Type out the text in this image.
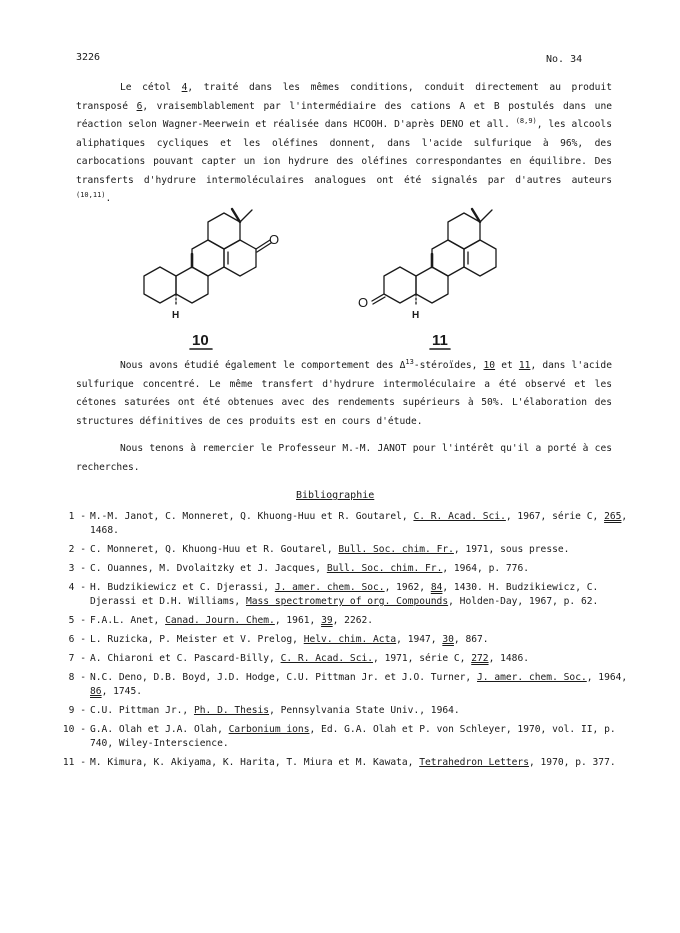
3226	No. 34
Le cétol 4, traité dans les mêmes conditions, conduit directement au produit transposé 6, vraisemblablement par l'intermédiaire des cations A et B postulés dans une réaction selon Wagner-Meerwein et réalisée dans HCOOH. D'après DENO et all. $^{(8,9)}$, les alcools aliphatiques cycliques et les oléfines donnent, dans l'acide sulfurique à 96%, des carbocations pouvant capter un ion hydrure des oléfines correspondantes en équilibre. Des transferts d'hydrure intermoléculaires analogues ont été signalés par d'autres auteurs $^{(10,11)}$.
O
H
10
O
H
11
Nous avons étudié également le comportement des $\Delta^{13}$-stéroïdes, 10 et 11, dans l'acide sulfurique concentré. Le même transfert d'hydrure intermoléculaire a été observé et les cétones saturées ont été obtenues avec des rendements supérieurs à 50%. L'élaboration des structures définitives de ces produits est en cours d'étude.
Nous tenons à remercier le Professeur M.-M. JANOT pour l'intérêt qu'il a porté à ces recherches.
Bibliographie
1 - M.-M. Janot, C. Monneret, Q. Khuong-Huu et R. Goutarel, C. R. Acad. Sci., 1967, série C, 265, 1468.
2 - C. Monneret, Q. Khuong-Huu et R. Goutarel, Bull. Soc. chim. Fr., 1971, sous presse.
3 - C. Ouannes, M. Dvolaitzky et J. Jacques, Bull. Soc. chim. Fr., 1964, p. 776.
4 - H. Budzikiewicz et C. Djerassi, J. amer. chem. Soc., 1962, 84, 1430. H. Budzikiewicz, C. Djerassi et D.H. Williams, Mass spectrometry of org. Compounds, Holden-Day, 1967, p. 62.
5 - F.A.L. Anet, Canad. Journ. Chem., 1961, 39, 2262.
6 - L. Ruzicka, P. Meister et V. Prelog, Helv. chim. Acta, 1947, 30, 867.
7 - A. Chiaroni et C. Pascard-Billy, C. R. Acad. Sci., 1971, série C, 272, 1486.
8 - N.C. Deno, D.B. Boyd, J.D. Hodge, C.U. Pittman Jr. et J.O. Turner, J. amer. chem. Soc., 1964, 86, 1745.
9 - C.U. Pittman Jr., Ph. D. Thesis, Pennsylvania State Univ., 1964.
10 - G.A. Olah et J.A. Olah, Carbonium ions, Ed. G.A. Olah et P. von Schleyer, 1970, vol. II, p. 740, Wiley-Interscience.
11 - M. Kimura, K. Akiyama, K. Harita, T. Miura et M. Kawata, Tetrahedron Letters, 1970, p. 377.
